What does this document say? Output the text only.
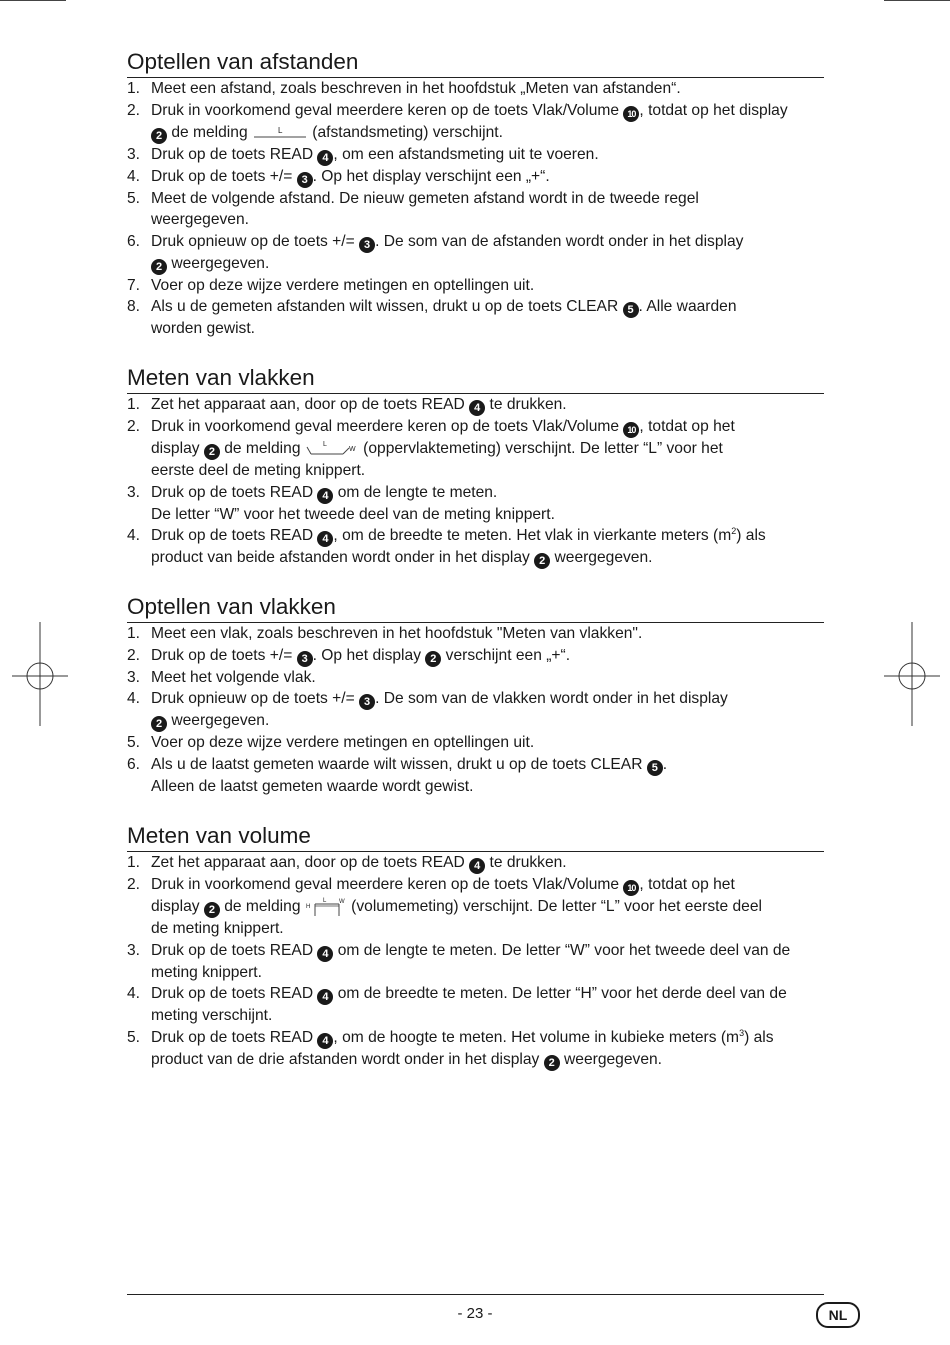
Optellen van afstanden
1. Meet een afstand, zoals beschreven in het hoofdstuk „Meten van afstanden“.
2. Druk in voorkomend geval meerdere keren op de toets Vlak/Volume 10 , totdat op het display
2 de melding	L (afstandsmeting) verschijnt.
3. Druk op de toets READ 4 , om een afstandsmeting uit te voeren.
4. Druk op de toets +/= 3 . Op het display verschijnt een „+“.
5. Meet de volgende afstand. De nieuw gemeten afstand wordt in de tweede regel
weergegeven.
6. Druk opnieuw op de toets +/= 3 . De som van de afstanden wordt onder in het display
2 weergegeven.
7. Voer op deze wijze verdere metingen en optellingen uit.
8. Als u de gemeten afstanden wilt wissen, drukt u op de toets CLEAR 5 . Alle waarden
worden gewist.
Meten van vlakken
1. Zet het apparaat aan, door op de toets READ 4 te drukken.
2. Druk in voorkomend geval meerdere keren op de toets Vlak/Volume 10 , totdat op het
display 2 de melding	L
W (oppervlaktemeting) verschijnt. De letter “L” voor het
eerste deel de meting knippert.
3. Druk op de toets READ 4 om de lengte te meten.
De letter “W” voor het tweede deel van de meting knippert.
4. Druk op de toets READ 4 , om de breedte te meten. Het vlak in vierkante meters $(m^2)$ als
product van beide afstanden wordt onder in het display 2 weergegeven.
Optellen van vlakken
1. Meet een vlak, zoals beschreven in het hoofdstuk "Meten van vlakken".
2. Druk op de toets +/= 3 . Op het display 2 verschijnt een „+“.
3. Meet het volgende vlak.
4. Druk opnieuw op de toets +/= 3 . De som van de vlakken wordt onder in het display
2 weergegeven.
5. Voer op deze wijze verdere metingen en optellingen uit.
6. Als u de laatst gemeten waarde wilt wissen, drukt u op de toets CLEAR 5 .
Alleen de laatst gemeten waarde wordt gewist.
Meten van volume
1. Zet het apparaat aan, door op de toets READ 4 te drukken.
2. Druk in voorkomend geval meerdere keren op de toets Vlak/Volume 10 , totdat op het
display 2 de melding H
L W (volumemeting) verschijnt. De letter “L” voor het eerste deel
de meting knippert.
3. Druk op de toets READ 4 om de lengte te meten. De letter “W” voor het tweede deel van de
meting knippert.
4. Druk op de toets READ 4 om de breedte te meten. De letter “H” voor het derde deel van de
meting verschijnt.
5. Druk op de toets READ 4 , om de hoogte te meten. Het volume in kubieke meters $(m^3)$ als
product van de drie afstanden wordt onder in het display 2 weergegeven.
- 23 -	NL
